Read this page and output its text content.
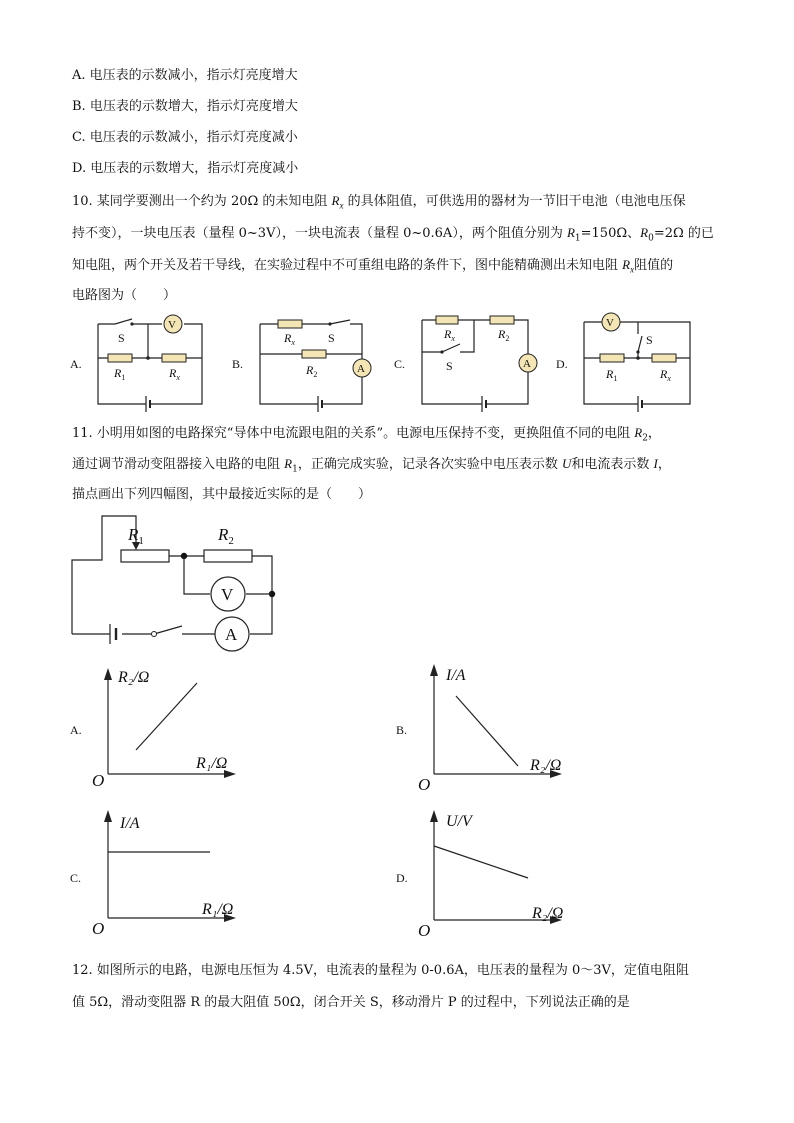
A. 电压表的示数减小，指示灯亮度增大
B. 电压表的示数增大，指示灯亮度增大
C. 电压表的示数减小，指示灯亮度减小
D. 电压表的示数增大，指示灯亮度减小
10. 某同学要测出一个约为 20Ω 的未知电阻 $R_x$ 的具体阻值，可供选用的器材为一节旧干电池（电池电压保
持不变），一块电压表（量程 0~3V），一块电流表（量程 0~0.6A），两个阻值分别为 $R_1=150\Omega$、$R_0=2\Omega$ 的已
知电阻，两个开关及若干导线，在实验过程中不可重组电路的条件下，图中能精确测出未知电阻 $R_x$阻值的
电路图为（　　）
A.
V
S
$R_1$	$R_x$
B.	A
$R_x$	S
$R_2$
C.	A
$R_x$	$R_2$
S	D.
V
S
$R_1$	$R_x$
11. 小明用如图的电路探究“导体中电流跟电阻的关系”。电源电压保持不变，更换阻值不同的电阻 $R_2$，
通过调节滑动变阻器接入电路的电阻 $R_1$，正确完成实验，记录各次实验中电压表示数 U和电流表示数 I，
描点画出下列四幅图，其中最接近实际的是（　　）
V
A
$R_1$	$R_2$
A.
R₂/Ω
R₁/Ω
O
B.
I/A
R₂/Ω
O
C.
I/A
R₁/Ω
O
D.
U/V
R₂/Ω
O
12. 如图所示的电路，电源电压恒为 4.5V，电流表的量程为 0-0.6A，电压表的量程为 0～3V，定值电阻阻
值 5Ω，滑动变阻器 R 的最大阻值 50Ω，闭合开关 S，移动滑片 P 的过程中，下列说法正确的是
